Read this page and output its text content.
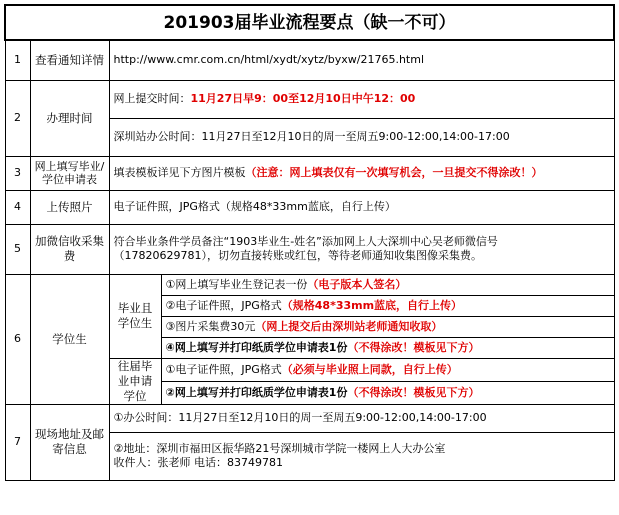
201903届毕业流程要点（缺一不可）			
1	查看通知详情	http://www.cmr.com.cn/html/xydt/xytz/byxw/21765.html	
2	办理时间	网上提交时间：11月27日早9：00至12月10日中午12：00	
		深圳站办公时间：11月27日至12月10日的周一至周五9:00-12:00,14:00-17:00	
3	网上填写毕业/学位申请表	填表模板详见下方图片模板（注意：网上填表仅有一次填写机会，一旦提交不得涂改！）	
4	上传照片	电子证件照，JPG格式（规格48*33mm蓝底，自行上传）	
5	加微信收采集费	符合毕业条件学员备注“1903毕业生-姓名”添加网上人大深圳中心吴老师微信号
（17820629781），切勿直接转账或红包，等待老师通知收集图像采集费。	

6	学位生	毕业且学位生	①网上填写毕业生登记表一份（电子版本人签名）
			②电子证件照，JPG格式（规格48*33mm蓝底，自行上传）
			③图片采集费30元（网上提交后由深圳站老师通知收取）
			④网上填写并打印纸质学位申请表1份（不得涂改！模板见下方）
		往届毕业申请学位	①电子证件照，JPG格式（必须与毕业照上同款，自行上传）
			②网上填写并打印纸质学位申请表1份（不得涂改！模板见下方）
7	现场地址及邮寄信息	①办公时间：11月27日至12月10日的周一至周五9:00-12:00,14:00-17:00	

		②地址：深圳市福田区振华路21号深圳城市学院一楼网上人大办公室
收件人：张老师 电话：83749781	
